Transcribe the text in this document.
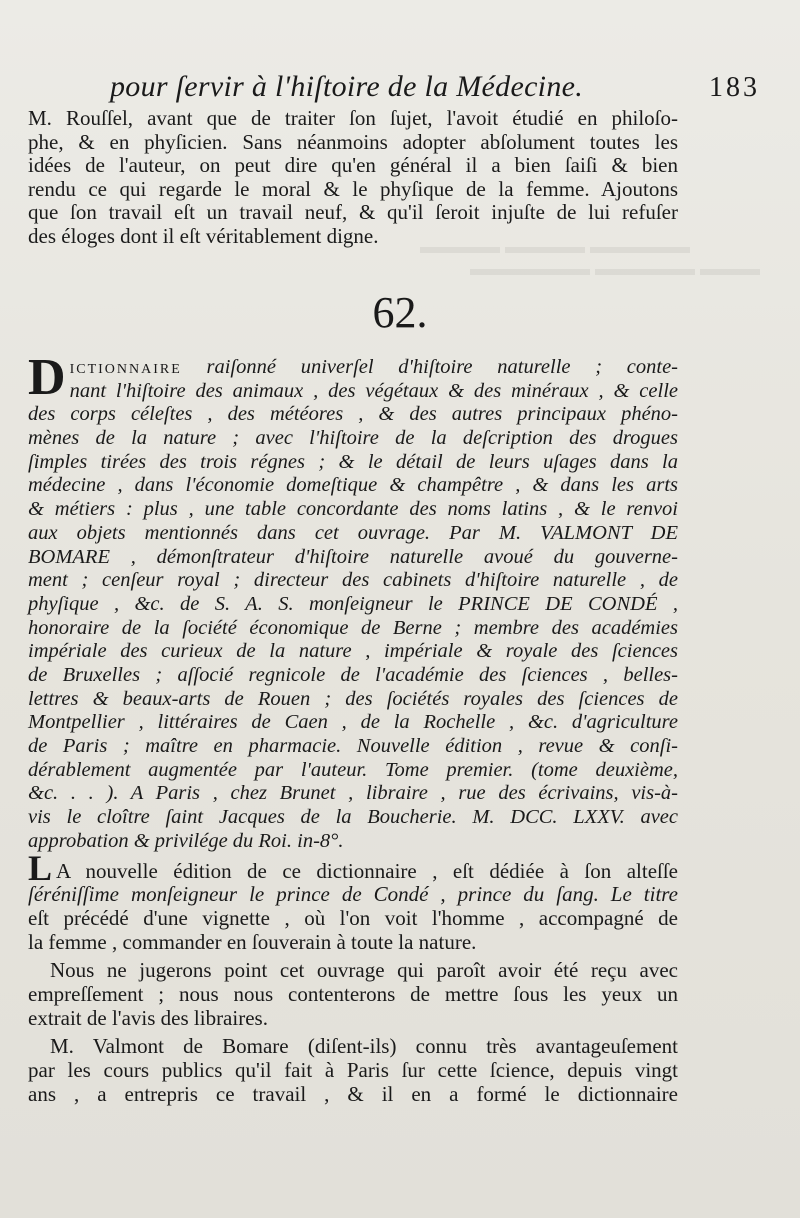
▬▬▬▬ ▬▬▬▬ ▬▬▬▬▬
▬▬▬▬▬▬ ▬▬▬▬▬ ▬▬▬
pour ſervir à l'hiſtoire de la Médecine.	183
M. Rouſſel, avant que de traiter ſon ſujet, l'avoit étudié en philoſo-
phe, & en phyſicien. Sans néanmoins adopter abſolument toutes les
idées de l'auteur, on peut dire qu'en général il a bien ſaiſi & bien
rendu ce qui regarde le moral & le phyſique de la femme. Ajoutons
que ſon travail eſt un travail neuf, & qu'il ſeroit injuſte de lui refuſer
des éloges dont il eſt véritablement digne.
62.
D ICTIONNAIRE raiſonné univerſel d'hiſtoire naturelle ; conte-
nant l'hiſtoire des animaux , des végétaux & des minéraux , & celle
des corps céleſtes , des météores , & des autres principaux phéno-
mènes de la nature ; avec l'hiſtoire de la deſcription des drogues
ſimples tirées des trois régnes ; & le détail de leurs uſages dans la
médecine , dans l'économie domeſtique & champêtre , & dans les arts
& métiers : plus , une table concordante des noms latins , & le renvoi
aux objets mentionnés dans cet ouvrage. Par M. VALMONT DE
BOMARE , démonſtrateur d'hiſtoire naturelle avoué du gouverne-
ment ; cenſeur royal ; directeur des cabinets d'hiſtoire naturelle , de
phyſique , &c. de S. A. S. monſeigneur le PRINCE DE CONDÉ ,
honoraire de la ſociété économique de Berne ; membre des académies
impériale des curieux de la nature , impériale & royale des ſciences
de Bruxelles ; aſſocié regnicole de l'académie des ſciences , belles-
lettres & beaux-arts de Rouen ; des ſociétés royales des ſciences de
Montpellier , littéraires de Caen , de la Rochelle , &c. d'agriculture
de Paris ; maître en pharmacie. Nouvelle édition , revue & conſi-
dérablement augmentée par l'auteur. Tome premier. (tome deuxième,
&c. . . ). A Paris , chez Brunet , libraire , rue des écrivains, vis-à-
vis le cloître ſaint Jacques de la Boucherie. M. DCC. LXXV. avec
approbation & privilége du Roi. in-8°.
L A nouvelle édition de ce dictionnaire , eſt dédiée à ſon alteſſe
ſéréniſſime monſeigneur le prince de Condé , prince du ſang. Le titre
eſt précédé d'une vignette , où l'on voit l'homme , accompagné de
la femme , commander en ſouverain à toute la nature.
Nous ne jugerons point cet ouvrage qui paroît avoir été reçu avec
empreſſement ; nous nous contenterons de mettre ſous les yeux un
extrait de l'avis des libraires.
M. Valmont de Bomare (diſent-ils) connu très avantageuſement
par les cours publics qu'il fait à Paris ſur cette ſcience, depuis vingt
ans , a entrepris ce travail , & il en a formé le dictionnaire
